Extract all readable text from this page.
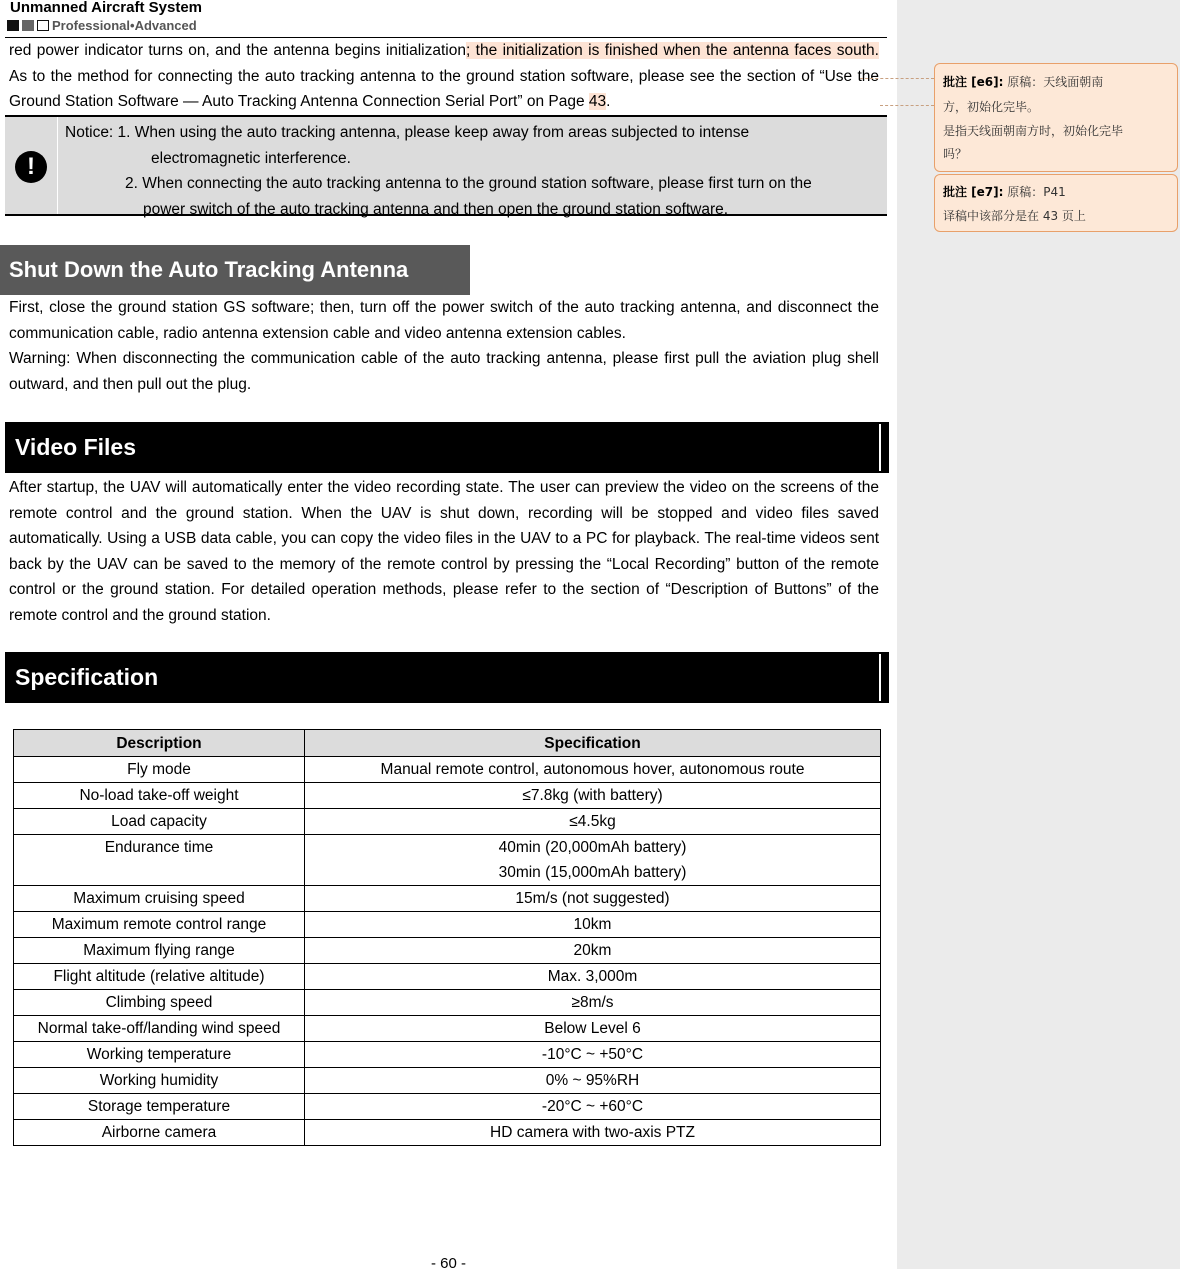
Unmanned Aircraft System
Professional•Advanced
red power indicator turns on, and the antenna begins initialization; the initialization is finished when the antenna faces south. As to the method for connecting the auto tracking antenna to the ground station software, please see the section of “Use the Ground Station Software — Auto Tracking Antenna Connection Serial Port” on Page 43.
!
Notice: 1. When using the auto tracking antenna, please keep away from areas subjected to intense
electromagnetic interference.
2. When connecting the auto tracking antenna to the ground station software, please first turn on the
power switch of the auto tracking antenna and then open the ground station software.
Shut Down the Auto Tracking Antenna
First, close the ground station GS software; then, turn off the power switch of the auto tracking antenna, and disconnect the communication cable, radio antenna extension cable and video antenna extension cables.
Warning: When disconnecting the communication cable of the auto tracking antenna, please first pull the aviation plug shell outward, and then pull out the plug.
Video Files
After startup, the UAV will automatically enter the video recording state. The user can preview the video on the screens of the remote control and the ground station. When the UAV is shut down, recording will be stopped and video files saved automatically. Using a USB data cable, you can copy the video files in the UAV to a PC for playback. The real-time videos sent back by the UAV can be saved to the memory of the remote control by pressing the “Local Recording” button of the remote control or the ground station. For detailed operation methods, please refer to the section of “Description of Buttons” of the remote control and the ground station.
Specification
Description	Specification
Fly mode	Manual remote control, autonomous hover, autonomous route
No-load take-off weight	≤7.8kg (with battery)
Load capacity	≤4.5kg
Endurance time	40min (20,000mAh battery)
30min (15,000mAh battery)

Maximum cruising speed	15m/s (not suggested)
Maximum remote control range	10km
Maximum flying range	20km
Flight altitude (relative altitude)	Max. 3,000m
Climbing speed	≥8m/s
Normal take-off/landing wind speed	Below Level 6
Working temperature	-10°C ~ +50°C
Working humidity	0% ~ 95%RH
Storage temperature	-20°C ~ +60°C
Airborne camera	HD camera with two-axis PTZ
- 60 -
批注 [e6]: 原稿：天线面朝南
方，初始化完毕。
是指天线面朝南方时，初始化完毕
吗？
批注 [e7]: 原稿：P41
译稿中该部分是在 43 页上
